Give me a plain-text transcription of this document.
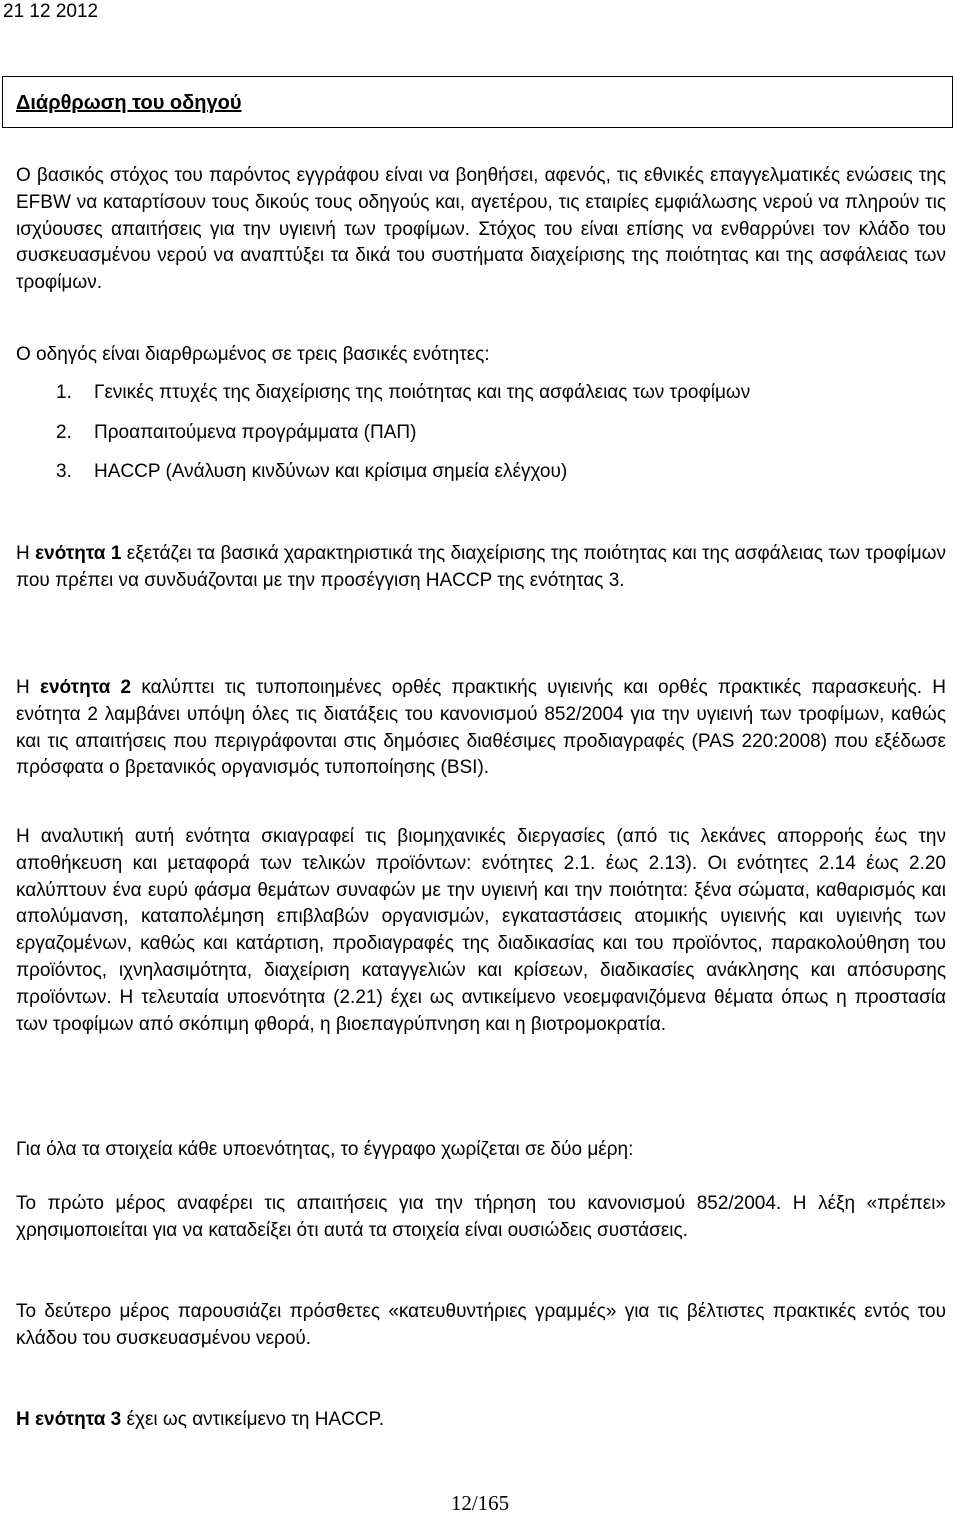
21 12 2012
Διάρθρωση του οδηγού

Ο βασικός στόχος του παρόντος εγγράφου είναι να βοηθήσει, αφενός, τις εθνικές επαγγελματικές ενώσεις της EFBW να καταρτίσουν τους δικούς τους οδηγούς και, αγετέρου, τις εταιρίες εμφιάλωσης νερού να πληρούν τις ισχύουσες απαιτήσεις για την υγιεινή των τροφίμων. Στόχος του είναι επίσης να ενθαρρύνει τον κλάδο του συσκευασμένου νερού να αναπτύξει τα δικά του συστήματα διαχείρισης της ποιότητας και της ασφάλειας των τροφίμων.

Ο οδηγός είναι διαρθρωμένος σε τρεις βασικές ενότητες:

1. Γενικές πτυχές της διαχείρισης της ποιότητας και της ασφάλειας των τροφίμων
2. Προαπαιτούμενα προγράμματα (ΠΑΠ)
3. HACCP (Ανάλυση κινδύνων και κρίσιμα σημεία ελέγχου)

Η ενότητα 1 εξετάζει τα βασικά χαρακτηριστικά της διαχείρισης της ποιότητας και της ασφάλειας των τροφίμων που πρέπει να συνδυάζονται με την προσέγγιση HACCP της ενότητας 3.

Η ενότητα 2 καλύπτει τις τυποποιημένες ορθές πρακτικής υγιεινής και ορθές πρακτικές παρασκευής. Η ενότητα 2 λαμβάνει υπόψη όλες τις διατάξεις του κανονισμού 852/2004 για την υγιεινή των τροφίμων, καθώς και τις απαιτήσεις που περιγράφονται στις δημόσιες διαθέσιμες προδιαγραφές (PAS 220:2008) που εξέδωσε πρόσφατα ο βρετανικός οργανισμός τυποποίησης (BSI).

Η αναλυτική αυτή ενότητα σκιαγραφεί τις βιομηχανικές διεργασίες (από τις λεκάνες απορροής έως την αποθήκευση και μεταφορά των τελικών προϊόντων: ενότητες 2.1. έως 2.13). Οι ενότητες 2.14 έως 2.20 καλύπτουν ένα ευρύ φάσμα θεμάτων συναφών με την υγιεινή και την ποιότητα: ξένα σώματα, καθαρισμός και απολύμανση, καταπολέμηση επιβλαβών οργανισμών, εγκαταστάσεις ατομικής υγιεινής και υγιεινής των εργαζομένων, καθώς και κατάρτιση, προδιαγραφές της διαδικασίας και του προϊόντος, παρακολούθηση του προϊόντος, ιχνηλασιμότητα, διαχείριση καταγγελιών και κρίσεων, διαδικασίες ανάκλησης και απόσυρσης προϊόντων. Η τελευταία υποενότητα (2.21) έχει ως αντικείμενο νεοεμφανιζόμενα θέματα όπως η προστασία των τροφίμων από σκόπιμη φθορά, η βιοεπαγρύπνηση και η βιοτρομοκρατία.

Για όλα τα στοιχεία κάθε υποενότητας, το έγγραφο χωρίζεται σε δύο μέρη:

Το πρώτο μέρος αναφέρει τις απαιτήσεις για την τήρηση του κανονισμού 852/2004. Η λέξη «πρέπει» χρησιμοποιείται για να καταδείξει ότι αυτά τα στοιχεία είναι ουσιώδεις συστάσεις.

Το δεύτερο μέρος παρουσιάζει πρόσθετες «κατευθυντήριες γραμμές» για τις βέλτιστες πρακτικές εντός του κλάδου του συσκευασμένου νερού.

Η ενότητα 3 έχει ως αντικείμενο τη HACCP.

12/165
